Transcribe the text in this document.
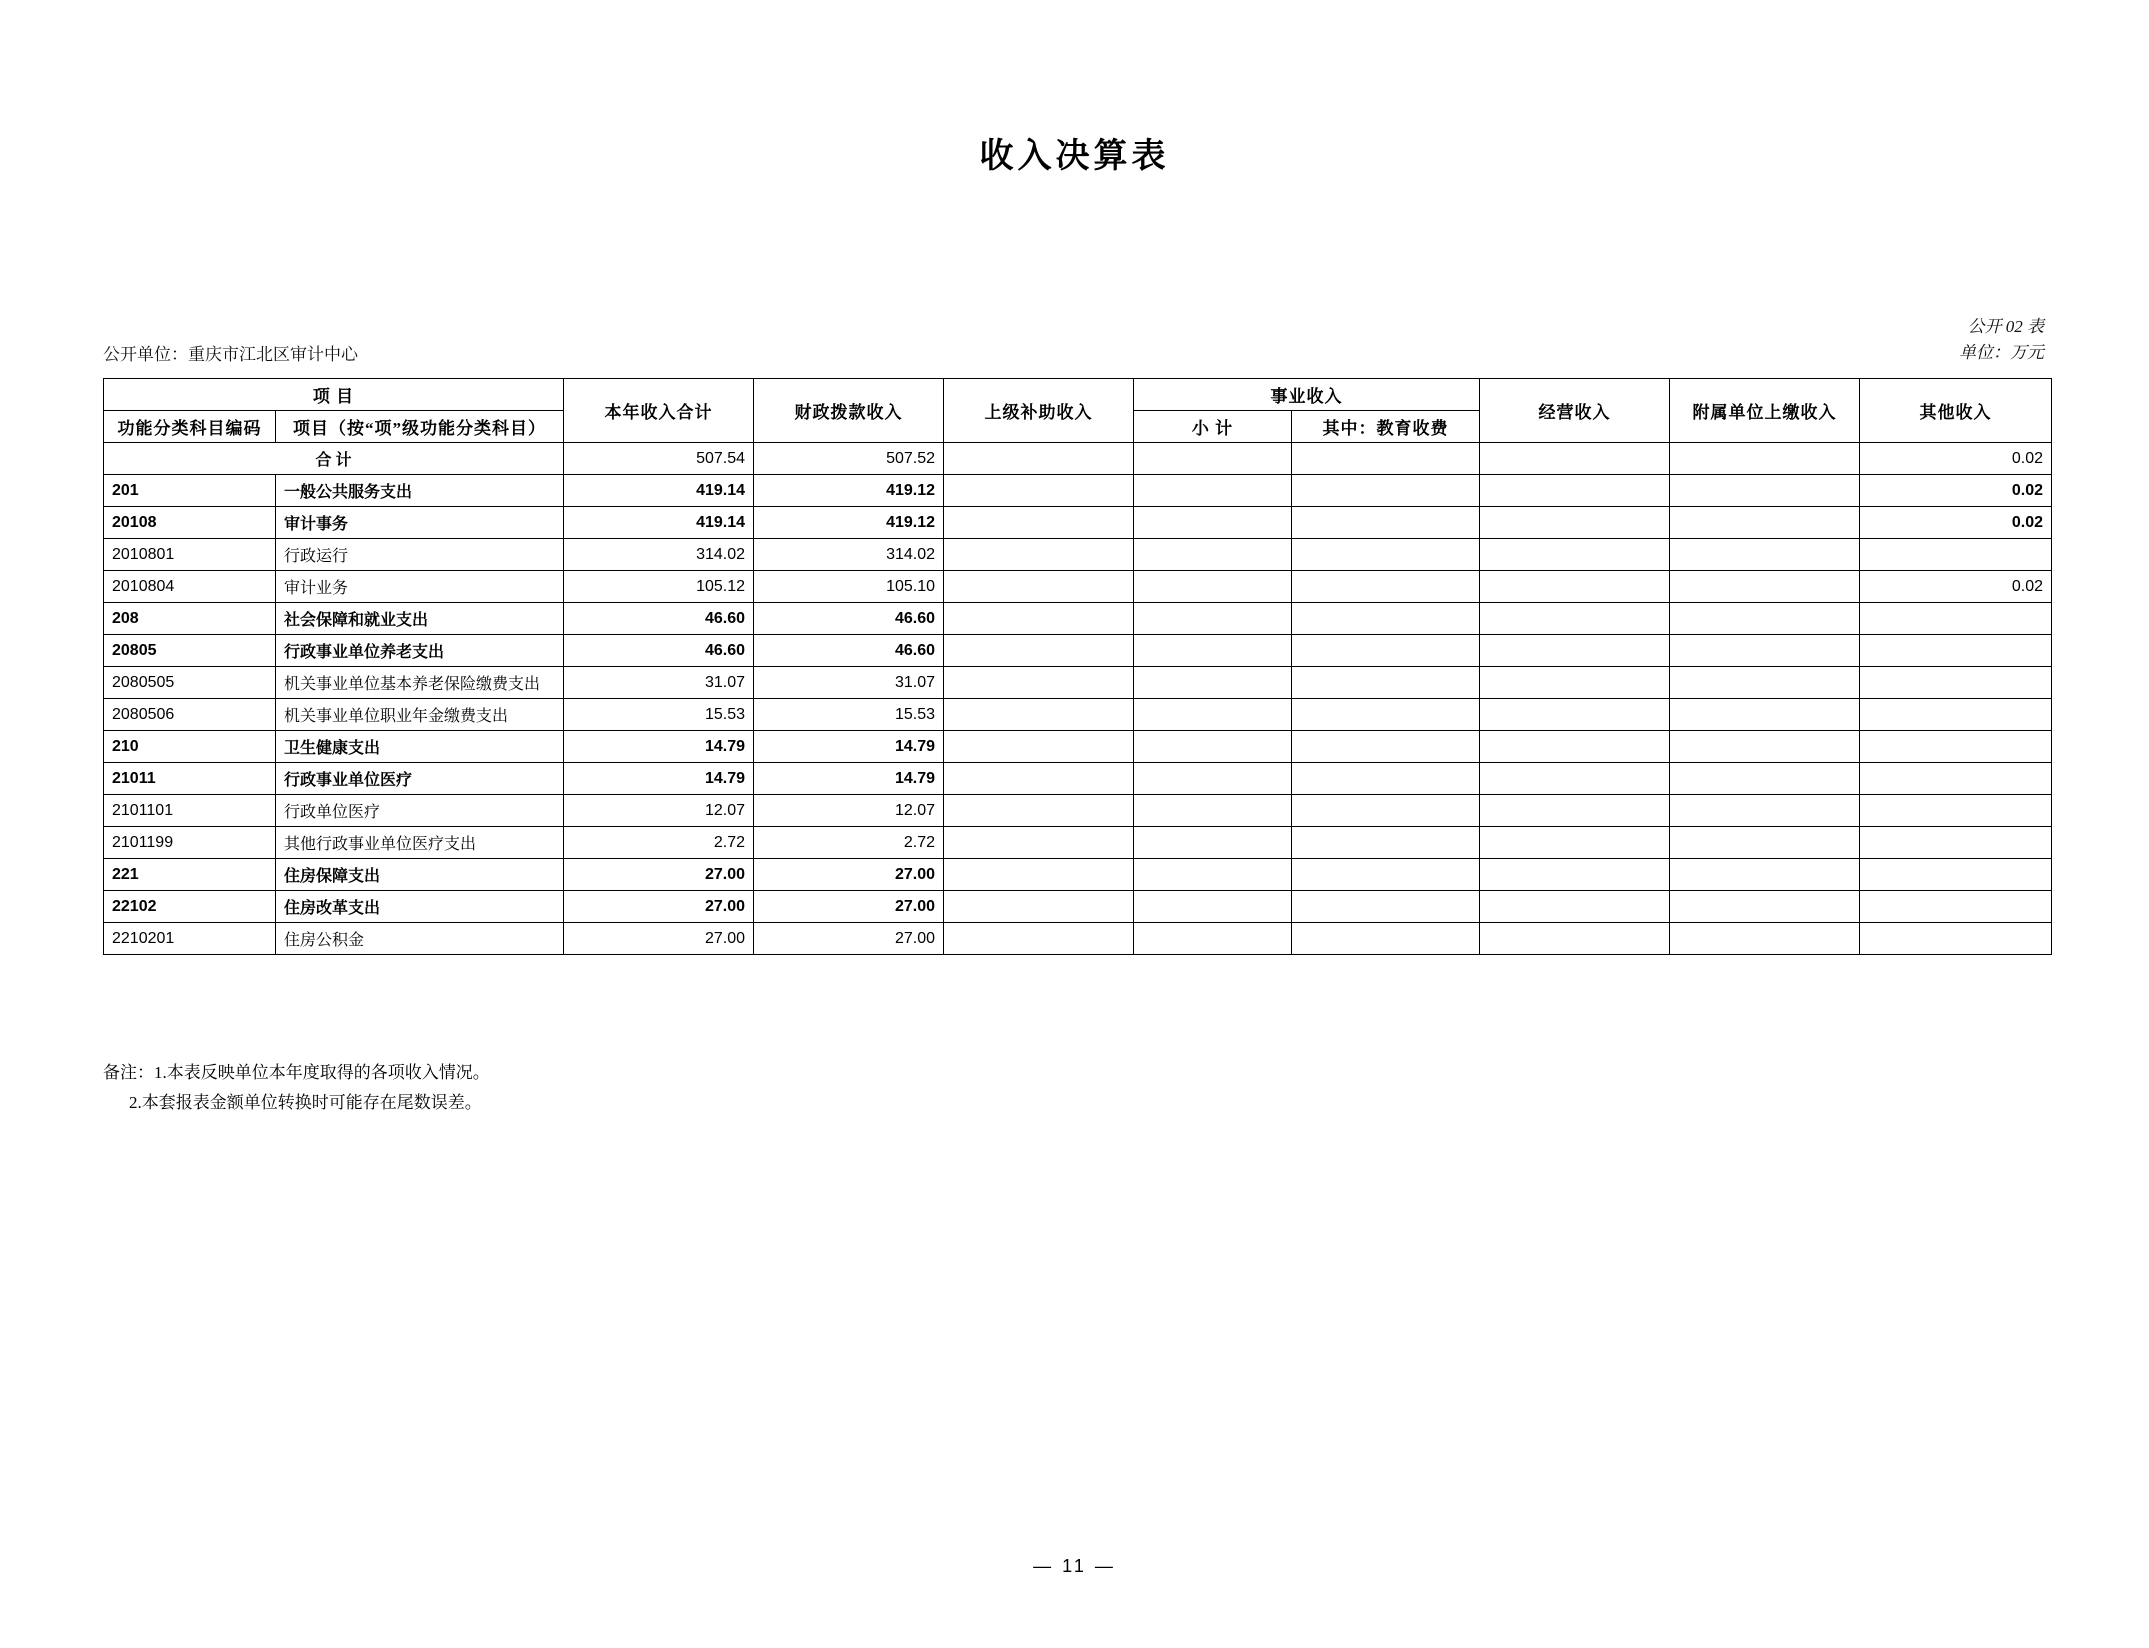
收入决算表
公开 02 表
单位：万元
公开单位：重庆市江北区审计中心
项 目		本年收入合计	财政拨款收入	上级补助收入	事业收入		经营收入	附属单位上缴收入	其他收入
功能分类科目编码	项目（按“项”级功能分类科目）				小 计	其中：教育收费			
合 计		507.54	507.52						0.02
201	一般公共服务支出	419.14	419.12						0.02
20108	审计事务	419.14	419.12						0.02
2010801	行政运行	314.02	314.02						
2010804	审计业务	105.12	105.10						0.02
208	社会保障和就业支出	46.60	46.60						
20805	行政事业单位养老支出	46.60	46.60						
2080505	机关事业单位基本养老保险缴费支出	31.07	31.07						
2080506	机关事业单位职业年金缴费支出	15.53	15.53						
210	卫生健康支出	14.79	14.79						
21011	行政事业单位医疗	14.79	14.79						
2101101	行政单位医疗	12.07	12.07						
2101199	其他行政事业单位医疗支出	2.72	2.72						
221	住房保障支出	27.00	27.00						
22102	住房改革支出	27.00	27.00						
2210201	住房公积金	27.00	27.00						
备注：1.本表反映单位本年度取得的各项收入情况。
2.本套报表金额单位转换时可能存在尾数误差。
— 11 —
